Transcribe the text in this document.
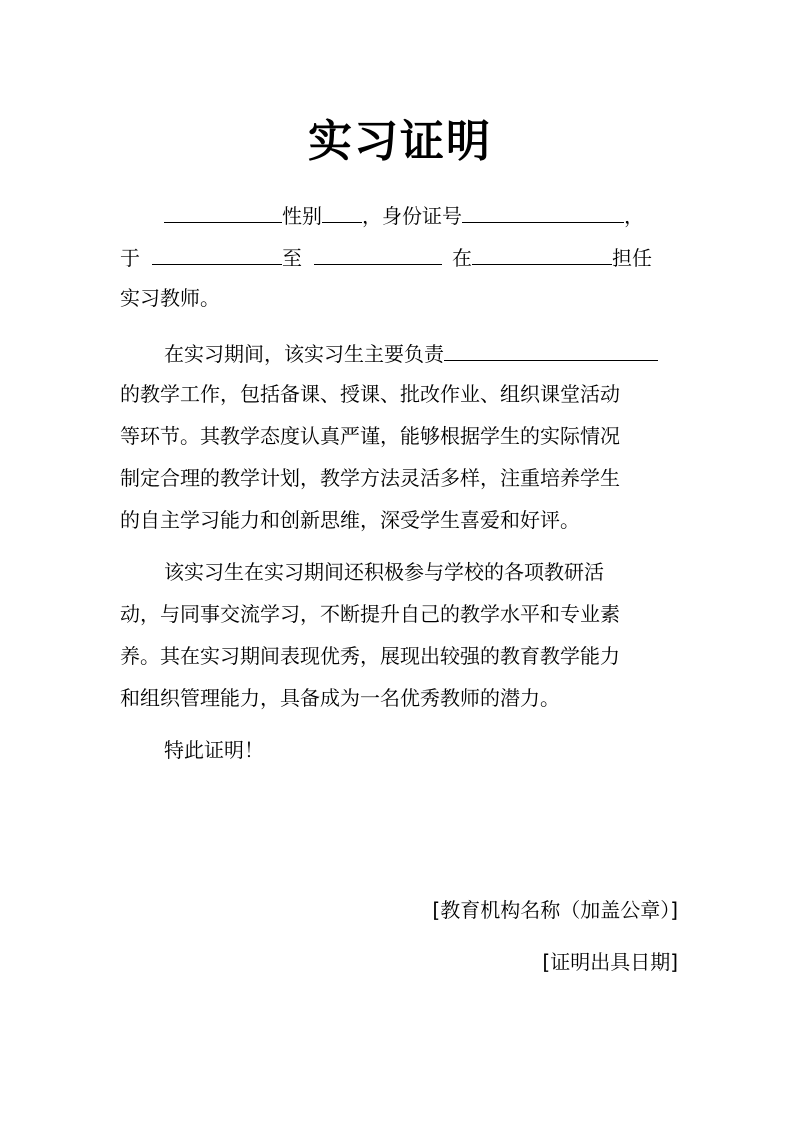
实习证明
性别 ，身份证号	，
于	至	在	担任
实习教师。
在实习期间，该实习生主要负责
的教学工作，包括备课、授课、批改作业、组织课堂活动
等环节。其教学态度认真严谨，能够根据学生的实际情况
制定合理的教学计划，教学方法灵活多样，注重培养学生
的自主学习能力和创新思维，深受学生喜爱和好评。
该实习生在实习期间还积极参与学校的各项教研活
动，与同事交流学习，不断提升自己的教学水平和专业素
养。其在实习期间表现优秀，展现出较强的教育教学能力
和组织管理能力，具备成为一名优秀教师的潜力。
特此证明！
[教育机构名称（加盖公章）]
[证明出具日期]
